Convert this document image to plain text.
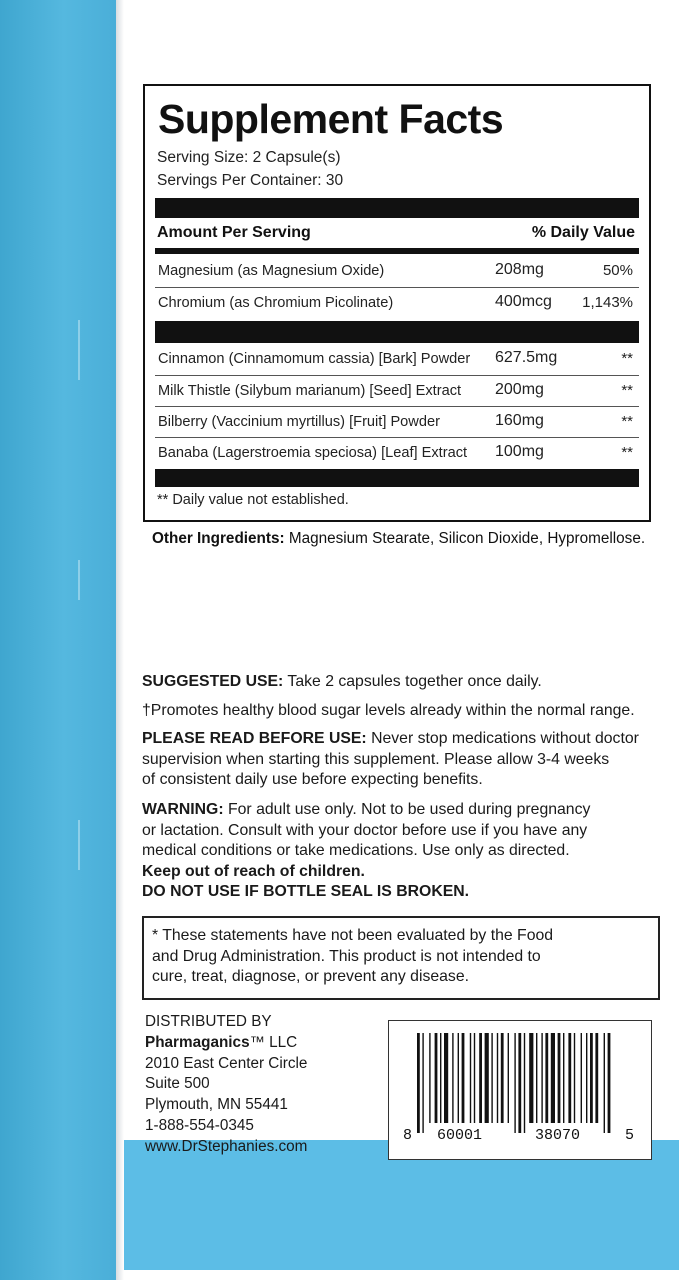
Supplement Facts
Serving Size: 2 Capsule(s)
Servings Per Container: 30
Amount Per Serving	% Daily Value
Magnesium (as Magnesium Oxide)	208mg	50%
Chromium (as Chromium Picolinate)	400mcg 1,143%
Cinnamon (Cinnamomum cassia) [Bark] Powder 627.5mg	**
Milk Thistle (Silybum marianum) [Seed] Extract 200mg	**
Bilberry (Vaccinium myrtillus) [Fruit] Powder	160mg	**
Banaba (Lagerstroemia speciosa) [Leaf] Extract 100mg	**
** Daily value not established.
Other Ingredients: Magnesium Stearate, Silicon Dioxide, Hypromellose.
SUGGESTED USE: Take 2 capsules together once daily.
†Promotes healthy blood sugar levels already within the normal range.
PLEASE READ BEFORE USE: Never stop medications without doctor
supervision when starting this supplement. Please allow 3-4 weeks
of consistent daily use before expecting benefits.
WARNING: For adult use only. Not to be used during pregnancy
or lactation. Consult with your doctor before use if you have any
medical conditions or take medications. Use only as directed.
Keep out of reach of children.
DO NOT USE IF BOTTLE SEAL IS BROKEN.
* These statements have not been evaluated by the Food
and Drug Administration. This product is not intended to
cure, treat, diagnose, or prevent any disease.
DISTRIBUTED BY
Pharmaganics™ LLC
2010 East Center Circle
Suite 500
Plymouth, MN 55441
1-888-554-0345
www.DrStephanies.com
8 60001	38070	5
